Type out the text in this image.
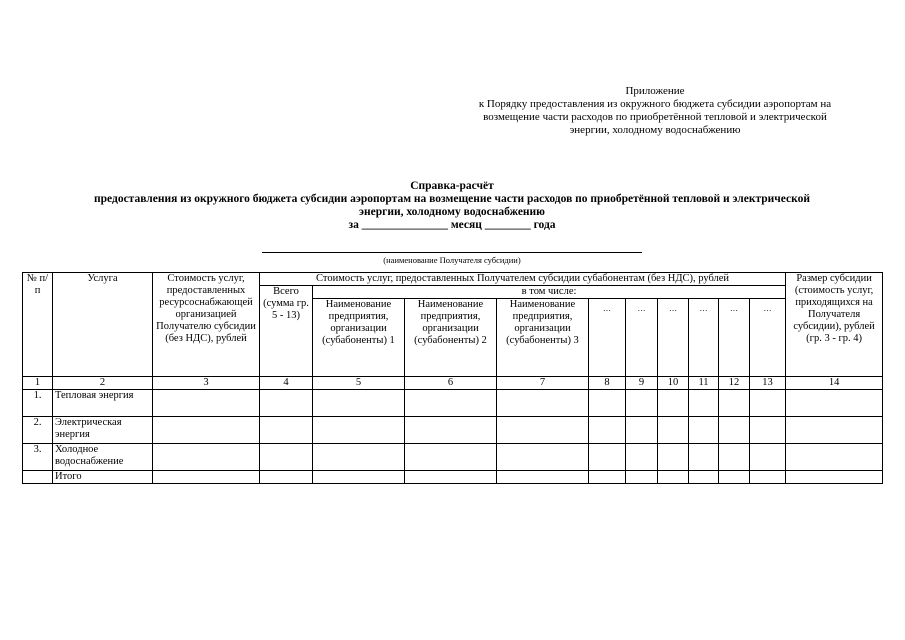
Приложение
к Порядку предоставления из окружного бюджета субсидии аэропортам на
возмещение части расходов по приобретённой тепловой и электрической
энергии, холодному водоснабжению
Справка-расчёт
предоставления из окружного бюджета субсидии аэропортам на возмещение части расходов по приобретённой тепловой и электрической
энергии, холодному водоснабжению
за _______________ месяц ________ года
(наименование Получателя субсидии)
№ п/п	Услуга	Стоимость услуг, предоставленных ресурсоснабжающей организацией Получателю субсидии (без НДС), рублей	Стоимость услуг, предоставленных Получателем субсидии субабонентам (без НДС), рублей										Размер субсидии (стоимость услуг, приходящихся на Получателя субсидии), рублей (гр. 3 - гр. 4)
			Всего (сумма гр. 5 - 13)	в том числе:									
				Наименование предприятия, организации (субабоненты) 1	Наименование предприятия, организации (субабоненты) 2	Наименование предприятия, организации (субабоненты) 3	…	…	…	…	…	…	
1	2	3	4	5	6	7	8	9	10	11	12	13	14
1.	Тепловая энергия												
2.	Электрическая энергия												
3.	Холодное водоснабжение												
	Итого												
